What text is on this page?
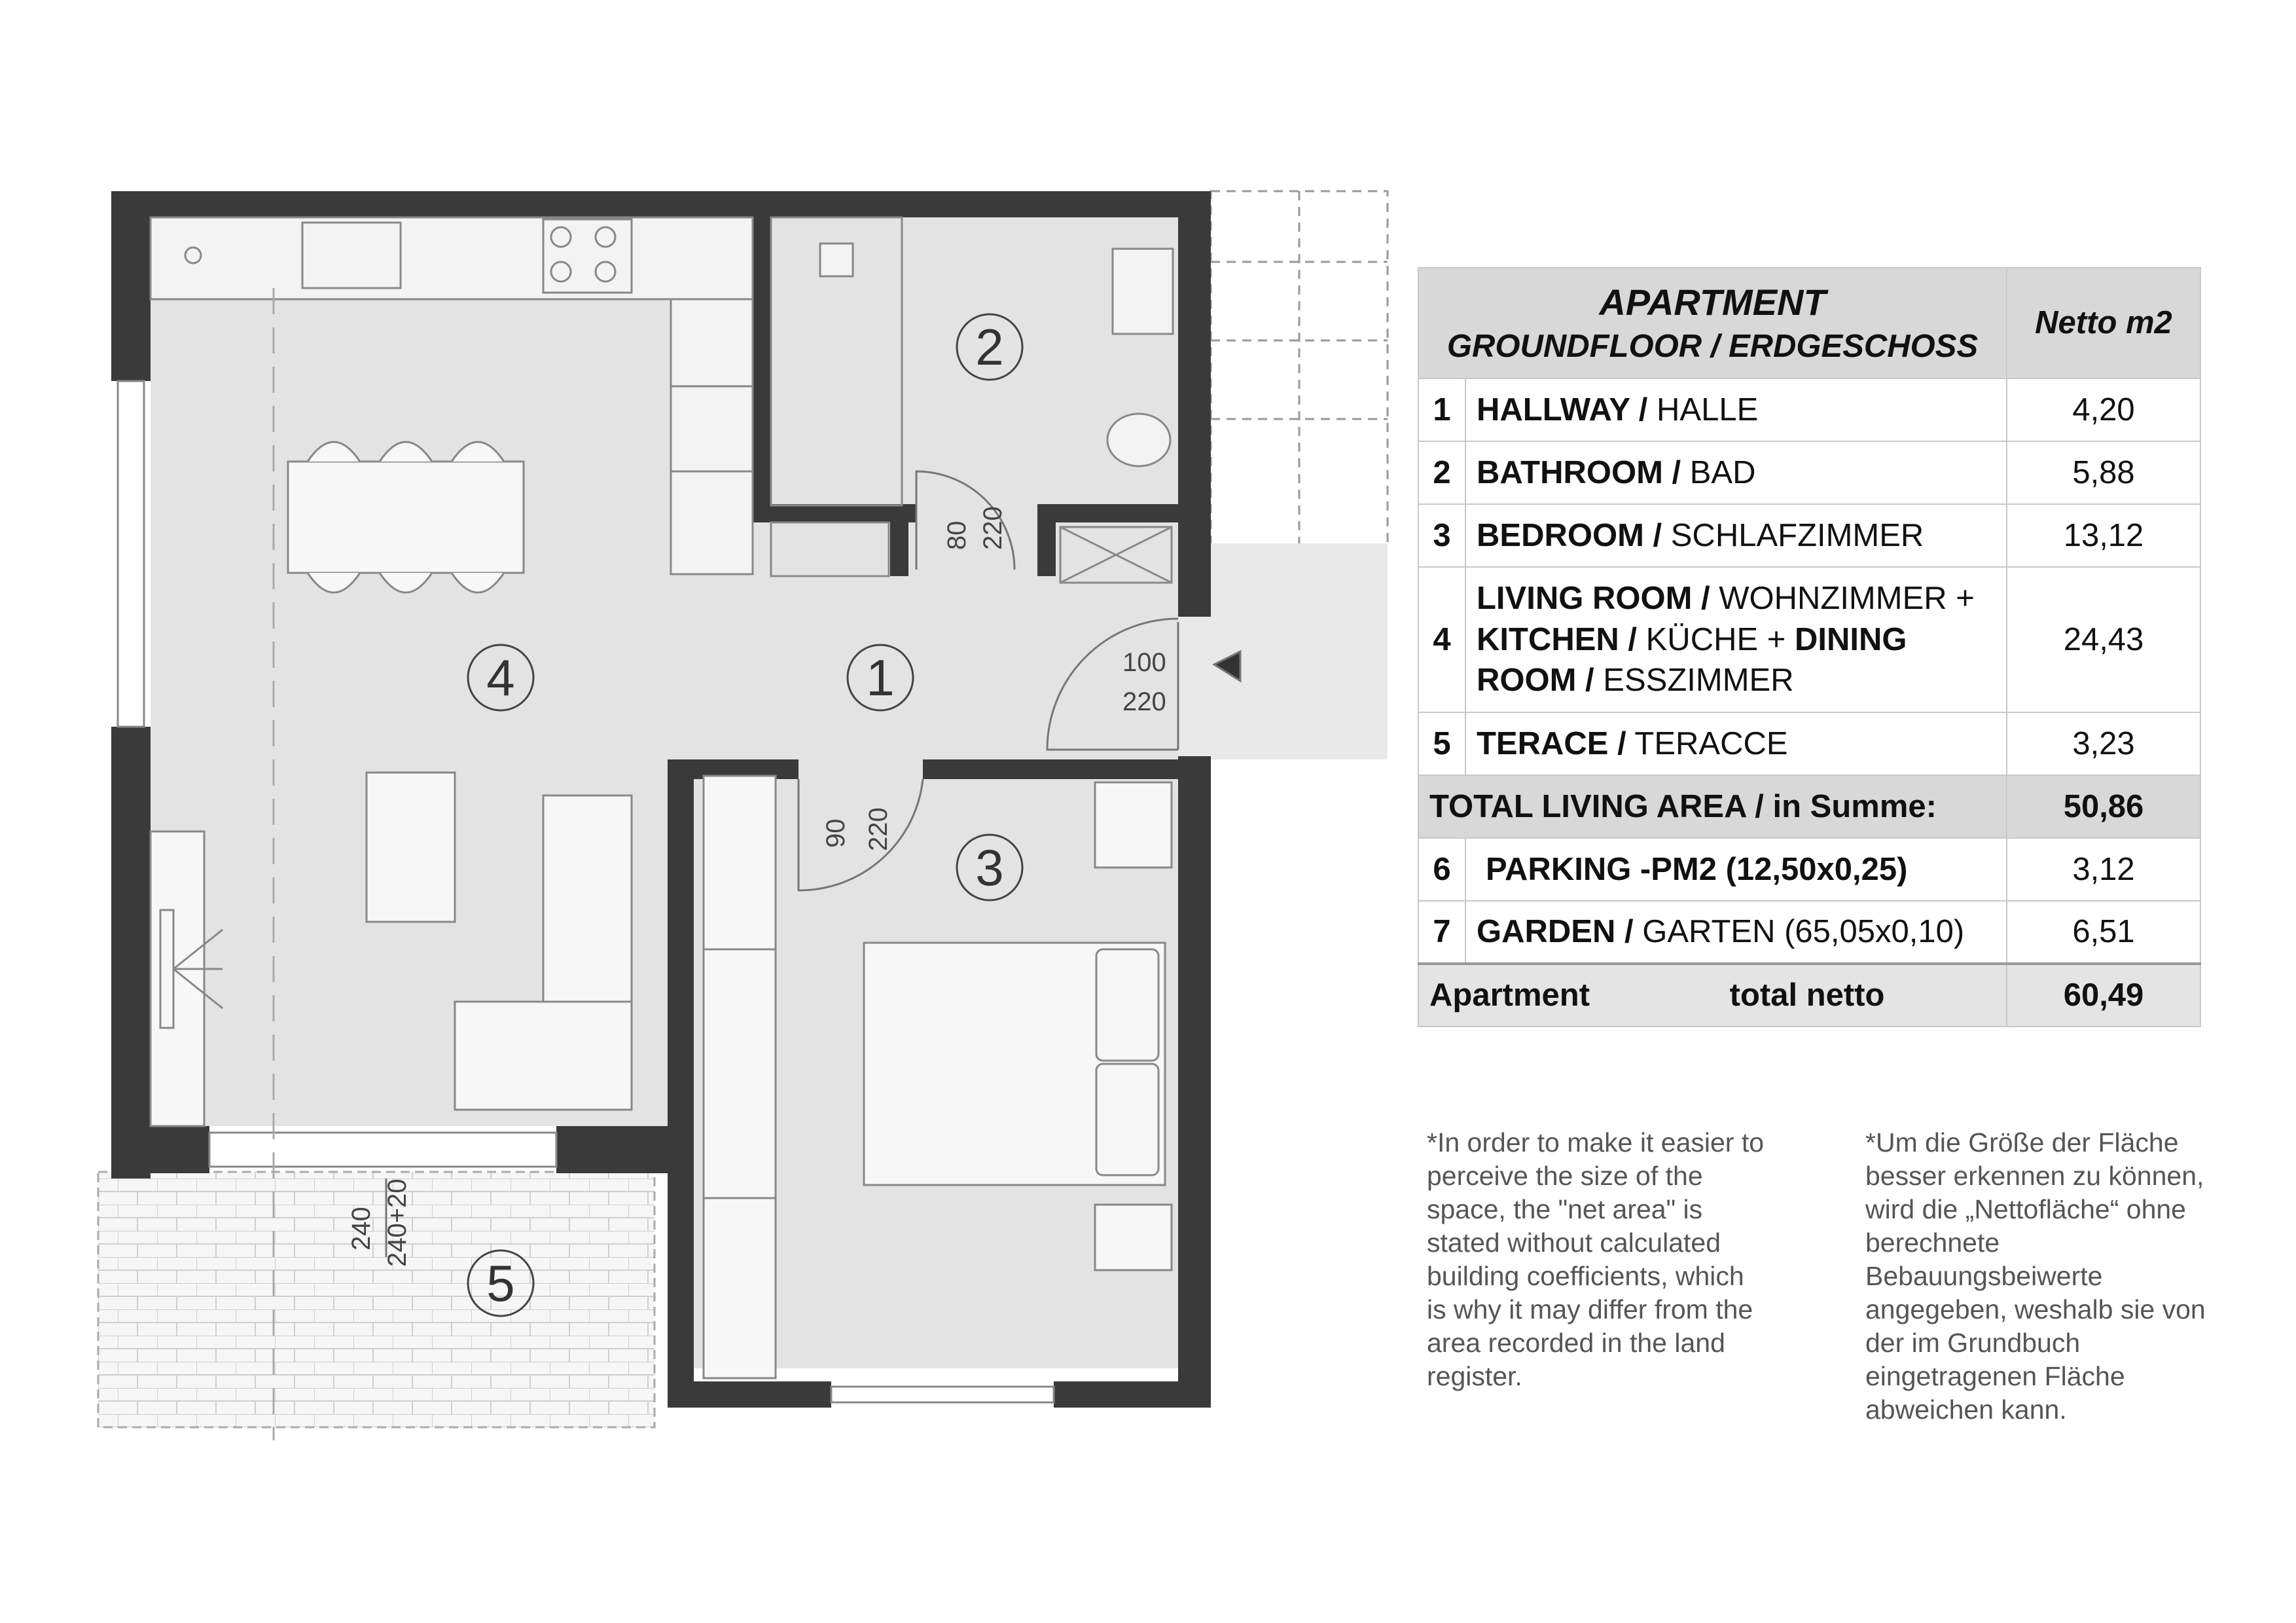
1
2
3
4
5
80 220
100
220
90 220
240 240+20
APARTMENT
GROUNDFLOOR / ERDGESCHOSS		Netto m2
1	HALLWAY / HALLE	4,20
2	BATHROOM / BAD	5,88
3	BEDROOM / SCHLAFZIMMER	13,12
4	LIVING ROOM / WOHNZIMMER + KITCHEN / KÜCHE + DINING ROOM / ESSZIMMER	24,43
5	TERACE / TERACCE	3,23
TOTAL LIVING AREA / in Summe:		50,86
6	PARKING -PM2 (12,50x0,25)	3,12
7	GARDEN / GARTEN (65,05x0,10)	6,51
Apartment total netto		60,49
*In order to make it easier to perceive the size of the space, the "net area" is stated without calculated building coefficients, which is why it may differ from the area recorded in the land register.
*Um die Größe der Fläche besser erkennen zu können, wird die „Nettofläche“ ohne berechnete Bebauungsbeiwerte angegeben, weshalb sie von der im Grundbuch eingetragenen Fläche abweichen kann.
